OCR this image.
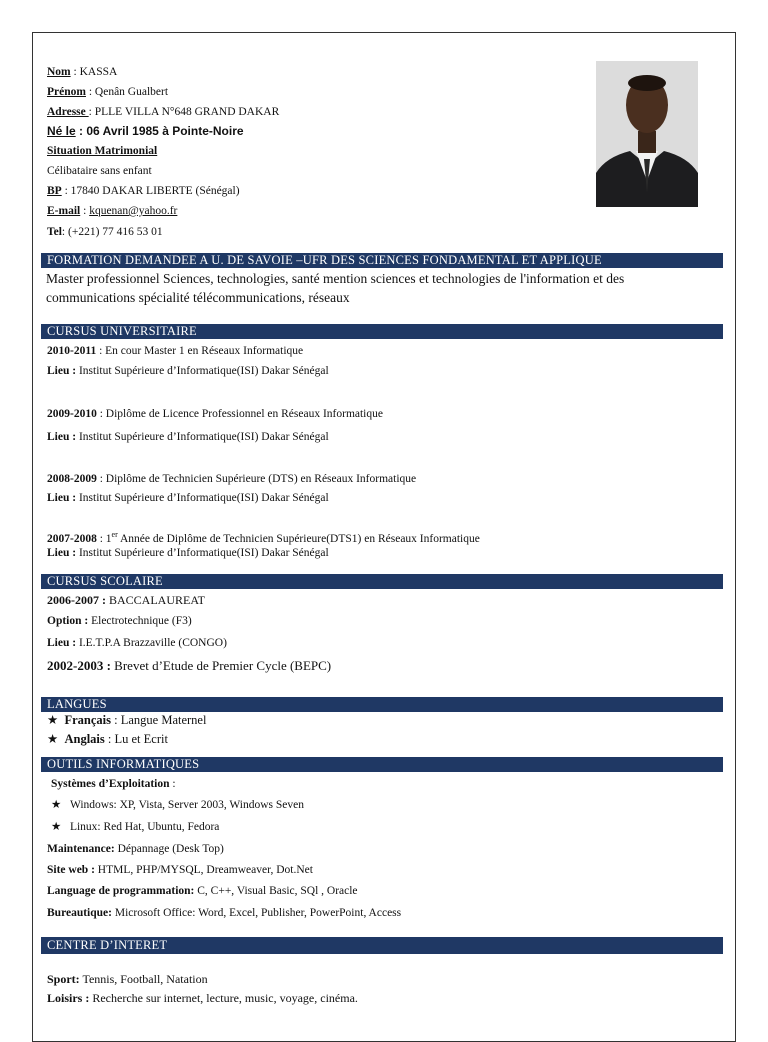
Nom : KASSA
Prénom : Qenân Gualbert
Adresse : PLLE VILLA N°648 GRAND DAKAR
Né le : 06 Avril 1985 à Pointe-Noire
Situation Matrimonial
Célibataire sans enfant
BP : 17840 DAKAR LIBERTE (Sénégal)
E-mail : kquenan@yahoo.fr
Tel: (+221) 77 416 53 01
FORMATION DEMANDEE A U. DE SAVOIE –UFR DES SCIENCES FONDAMENTAL ET APPLIQUE
Master professionnel Sciences, technologies, santé mention sciences et technologies de l'information et des
communications spécialité télécommunications, réseaux
CURSUS UNIVERSITAIRE
2010-2011 : En cour Master 1 en Réseaux Informatique
Lieu : Institut Supérieure d’Informatique(ISI) Dakar Sénégal
2009-2010 : Diplôme de Licence Professionnel en Réseaux Informatique
Lieu : Institut Supérieure d’Informatique(ISI) Dakar Sénégal
2008-2009 : Diplôme de Technicien Supérieure (DTS) en Réseaux Informatique
Lieu : Institut Supérieure d’Informatique(ISI) Dakar Sénégal
2007-2008 : 1er Année de Diplôme de Technicien Supérieure(DTS1) en Réseaux Informatique
Lieu : Institut Supérieure d’Informatique(ISI) Dakar Sénégal
CURSUS SCOLAIRE
2006-2007 : BACCALAUREAT
Option : Electrotechnique (F3)
Lieu : I.E.T.P.A Brazzaville (CONGO)
2002-2003 : Brevet d’Etude de Premier Cycle (BEPC)
LANGUES
★ Français : Langue Maternel
★ Anglais : Lu et Ecrit
OUTILS INFORMATIQUES
Systèmes d’Exploitation :
★ Windows: XP, Vista, Server 2003, Windows Seven
★ Linux: Red Hat, Ubuntu, Fedora
Maintenance: Dépannage (Desk Top)
Site web : HTML, PHP/MYSQL, Dreamweaver, Dot.Net
Language de programmation: C, C++, Visual Basic, SQl , Oracle
Bureautique: Microsoft Office: Word, Excel, Publisher, PowerPoint, Access
CENTRE D’INTERET
Sport: Tennis, Football, Natation
Loisirs : Recherche sur internet, lecture, music, voyage, cinéma.
